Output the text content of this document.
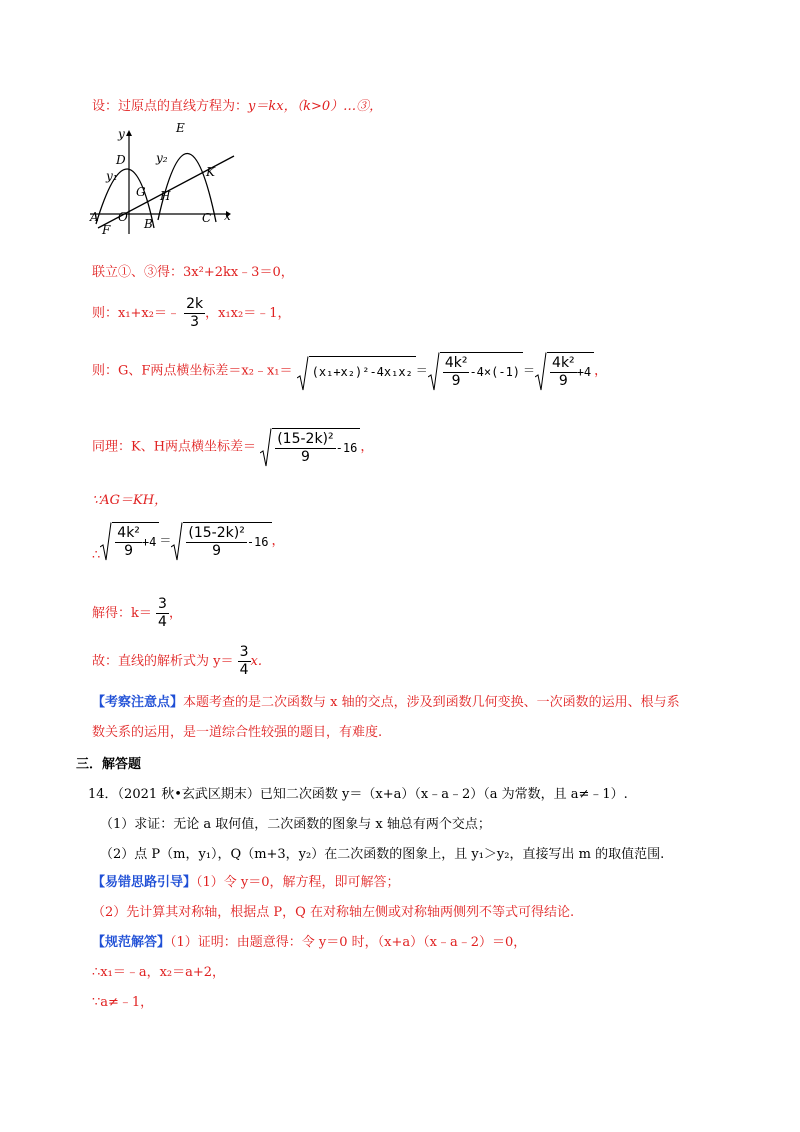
设：过原点的直线方程为：y＝kx，（k>0）…③，
y
x
D
E
y₁
y₂
G H
K
A O B	C
F
联立①、③得：3x²+2kx﹣3＝0，
则：x₁+x₂＝﹣ $\frac{2k}{3}$ ，x₁x₂＝﹣1，
则：G、F两点横坐标差＝x₂﹣x₁＝ $(x_1+x_2)^2-4x_1x_2 = \frac{\text{4k²}}{9} -4\times(-1) = \frac{\text{4k²}}{9} +4$ ，
同理：K、H两点横坐标差＝ $\frac{\text{(15-2k)²}}{9} -16$ ，
∵AG＝KH，
∴ $\frac{\text{4k²}}{9} +4 = \frac{\text{(15-2k)²}}{9} -16$ ，
解得：$k= \frac{3}{4}$ ，
故：直线的解析式为 $y= \frac{3}{4} x$.
【考察注意点】本题考查的是二次函数与 x 轴的交点，涉及到函数几何变换、一次函数的运用、根与系
数关系的运用，是一道综合性较强的题目，有难度.
三．解答题
14．（2021 秋•玄武区期末）已知二次函数 y＝（x+a）（x﹣a﹣2）（a 为常数，且 a≠﹣1）.
（1）求证：无论 a 取何值，二次函数的图象与 x 轴总有两个交点；
（2）点 P（m，y₁），Q（m+3，y₂）在二次函数的图象上，且 y₁＞y₂，直接写出 m 的取值范围.
【易错思路引导】（1）令 y＝0，解方程，即可解答；
（2）先计算其对称轴，根据点 P，Q 在对称轴左侧或对称轴两侧列不等式可得结论.
【规范解答】（1）证明：由题意得：令 y＝0 时，（x+a）（x﹣a﹣2）＝0，
∴x₁＝﹣a，x₂＝a+2，
∵a≠﹣1，
